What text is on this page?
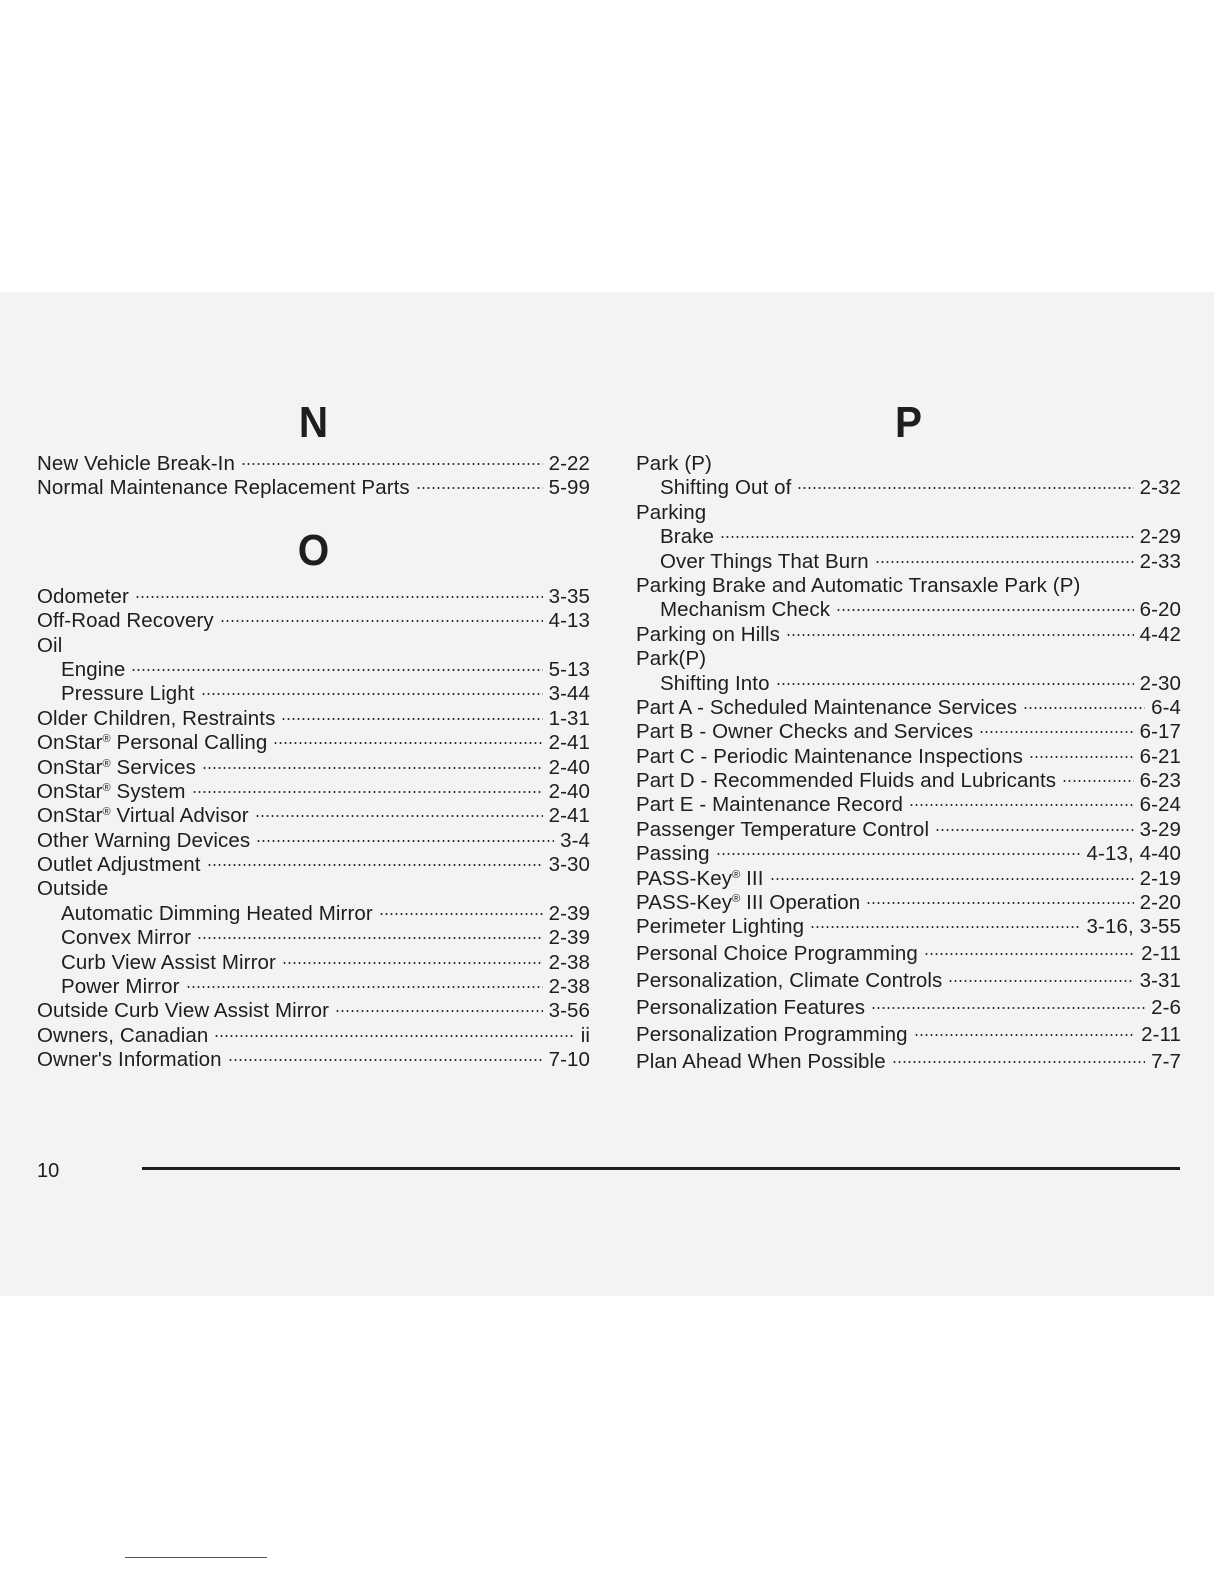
N
New Vehicle Break-In	2-22
Normal Maintenance Replacement Parts	5-99
O
Odometer	3-35
Off-Road Recovery	4-13
Oil
Engine	5-13
Pressure Light	3-44
Older Children, Restraints	1-31
OnStar® Personal Calling	2-41
OnStar® Services	2-40
OnStar® System	2-40
OnStar® Virtual Advisor	2-41
Other Warning Devices	3-4
Outlet Adjustment	3-30
Outside
Automatic Dimming Heated Mirror	2-39
Convex Mirror	2-39
Curb View Assist Mirror	2-38
Power Mirror	2-38
Outside Curb View Assist Mirror	3-56
Owners, Canadian	ii
Owner's Information	7-10
P
Park (P)
Shifting Out of	2-32
Parking
Brake	2-29
Over Things That Burn	2-33
Parking Brake and Automatic Transaxle Park (P)
Mechanism Check	6-20
Parking on Hills	4-42
Park(P)
Shifting Into	2-30
Part A - Scheduled Maintenance Services	6-4
Part B - Owner Checks and Services	6-17
Part C - Periodic Maintenance Inspections	6-21
Part D - Recommended Fluids and Lubricants	6-23
Part E - Maintenance Record	6-24
Passenger Temperature Control	3-29
Passing	4-13, 4-40
PASS-Key® III	2-19
PASS-Key® III Operation	2-20
Perimeter Lighting	3-16, 3-55
Personal Choice Programming	2-11
Personalization, Climate Controls	3-31
Personalization Features	2-6
Personalization Programming	2-11
Plan Ahead When Possible	7-7
10
